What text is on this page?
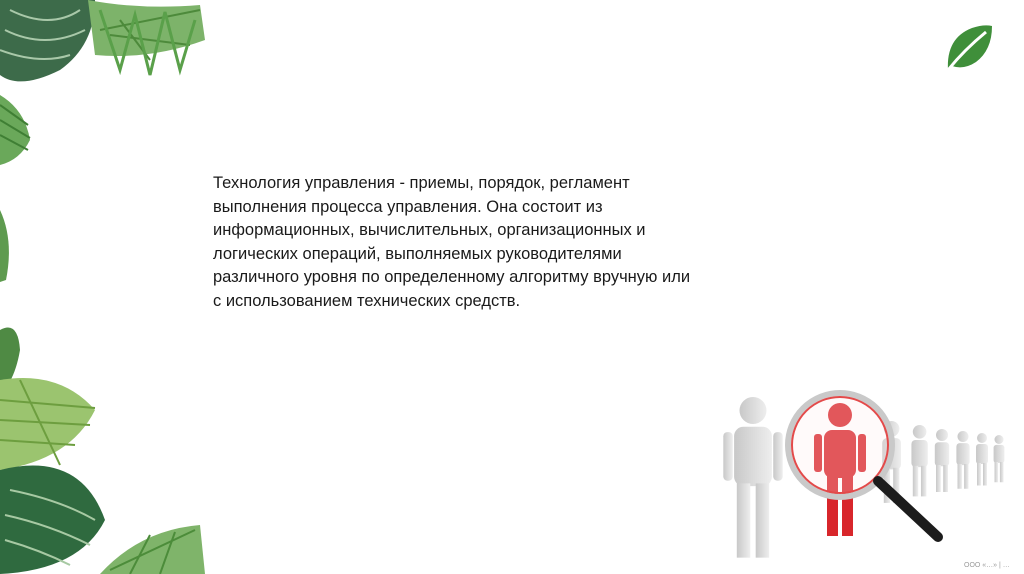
Технология управления - приемы, порядок, регламент
выполнения процесса управления. Она состоит из
информационных, вычислительных, организационных и
логических операций, выполняемых руководителями
различного уровня по определенному алгоритму вручную или
с использованием технических средств.
ООО «…» | …
